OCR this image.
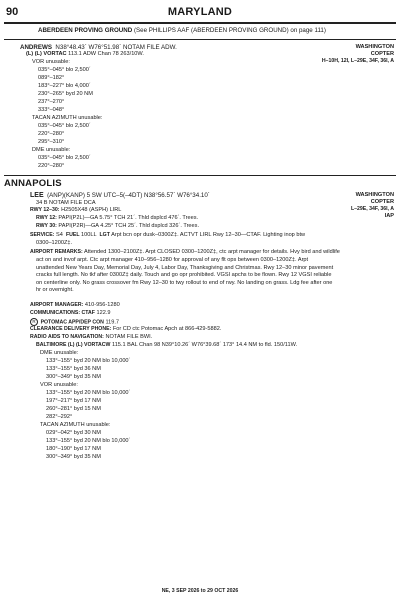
90	MARYLAND
ABERDEEN PROVING GROUND (See PHILLIPS AAF (ABERDEEN PROVING GROUND) on page 111)
ANDREWS N38°48.43´ W76°51.98´ NOTAM FILE ADW.	WASHINGTON
COPTER
H–10H, 12I, L–29E, 34F, 36I, A
(L) (L) VORTAC 113.1 ADW Chan 78 263/10W.
VOR unusable:
035°–045° blo 2,500´
089°–182°
183°–227° blo 4,000´
230°–265° byd 20 NM
237°–270°
333°–048°
TACAN AZIMUTH unusable:
035°–045° blo 2,500´
220°–280°
295°–310°
DME unusable:
035°–045° blo 2,500´
220°–280°
ANNAPOLIS
LEE (ANP)(KANP) 5 SW UTC–5(–4DT) N38°56.57´ W76°34.10´
34 B NOTAM FILE DCA
WASHINGTON
COPTER
L–29E, 34F, 36I, A
IAP
RWY 12–30: H2505X48 (ASPH) LIRL
RWY 12: PAPI(P2L)—GA 5.75° TCH 21´. Thld dsplcd 476´. Trees.
RWY 30: PAPI(P2R)—GA 4.25° TCH 25´. Thld dsplcd 326´. Trees.
SERVICE: S4 FUEL 100LL LGT Arpt bcn opr dusk–0300Z‡. ACTVT LIRL Rwy 12–30—CTAF. Lighting inop btw
0300–1200Z‡.
AIRPORT REMARKS: Attended 1300–2100Z‡. Arpt CLOSED 0300–1200Z‡, ctc arpt manager for details. Hvy bird and wildlife
act on and invof arpt. Ctc arpt manager 410–956–1280 for approval of any flt ops between 0300–1200Z‡. Arpt
unattended New Years Day, Memorial Day, July 4, Labor Day, Thanksgiving and Christmas. Rwy 12–30 minor pavement
cracks full length. No tkf after 0300Z‡ daily. Touch and go opr prohibited. VGSI apchs to be flown. Rwy 12 VGSI reliable
on centerline only. No grass crossover fm Rwy 12–30 to twy rollout to end of rwy. No landing on grass. Ldg fee after one
hr or overnight.
AIRPORT MANAGER: 410-956-1280
COMMUNICATIONS: CTAF 122.9
R POTOMAC APP/DEP CON 119.7
CLEARANCE DELIVERY PHONE: For CD ctc Potomac Apch at 866-429-5882.
RADIO AIDS TO NAVIGATION: NOTAM FILE BWI.
BALTIMORE (L) (L) VORTACW 115.1 BAL Chan 98 N39°10.26´ W76°39.68´ 173° 14.4 NM to fld. 150/11W.
DME unusable:
133°–155° byd 20 NM blo 10,000´
133°–155° byd 36 NM
300°–349° byd 35 NM
VOR unusable:
133°–155° byd 20 NM blo 10,000´
197°–217° byd 17 NM
260°–281° byd 15 NM
282°–292°
TACAN AZIMUTH unusable:
029°–042° byd 30 NM
133°–155° byd 20 NM blo 10,000´
180°–190° byd 17 NM
300°–349° byd 35 NM
NE, 3 SEP 2026 to 29 OCT 2026
